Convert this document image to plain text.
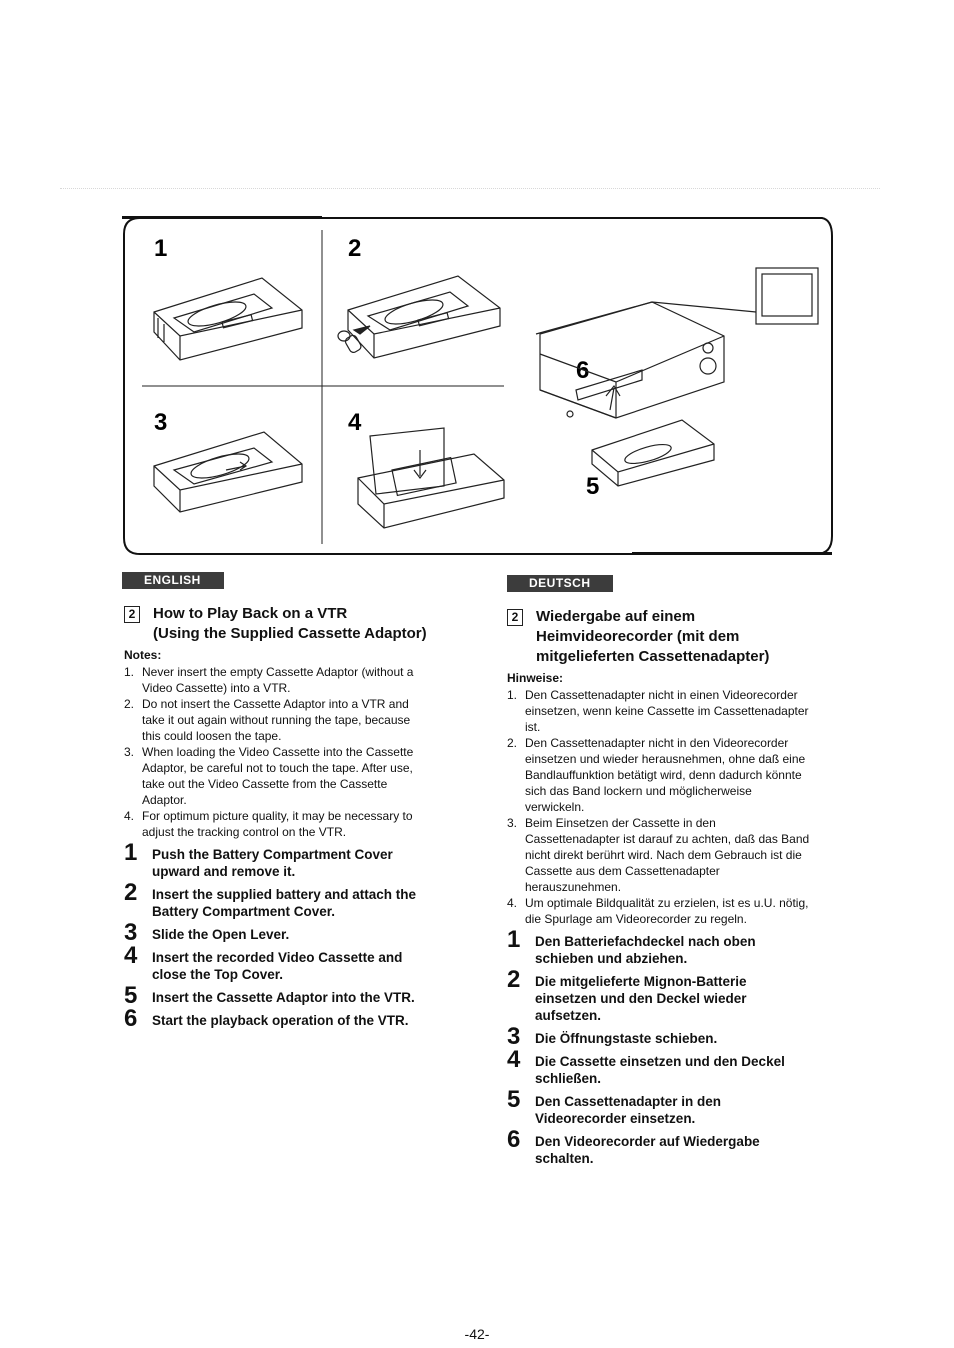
1	2
3	4
5
6
ENGLISH
2	How to Play Back on a VTR
(Using the Supplied Cassette Adaptor)
Notes:
1. Never insert the empty Cassette Adaptor (without a
Video Cassette) into a VTR.
2. Do not insert the Cassette Adaptor into a VTR and
take it out again without running the tape, because
this could loosen the tape.
3. When loading the Video Cassette into the Cassette
Adaptor, be careful not to touch the tape. After use,
take out the Video Cassette from the Cassette
Adaptor.
4. For optimum picture quality, it may be necessary to
adjust the tracking control on the VTR.
1 Push the Battery Compartment Cover
upward and remove it.
2 Insert the supplied battery and attach the
Battery Compartment Cover.
3 Slide the Open Lever.
4 Insert the recorded Video Cassette and
close the Top Cover.
5 Insert the Cassette Adaptor into the VTR.
6 Start the playback operation of the VTR.
DEUTSCH
2	Wiedergabe auf einem
Heimvideorecorder (mit dem
mitgelieferten Cassettenadapter)
Hinweise:
1. Den Cassettenadapter nicht in einen Videorecorder
einsetzen, wenn keine Cassette im Cassettenadapter
ist.
2. Den Cassettenadapter nicht in den Videorecorder
einsetzen und wieder herausnehmen, ohne daß eine
Bandlauffunktion betätigt wird, denn dadurch könnte
sich das Band lockern und möglicherweise
verwickeln.
3. Beim Einsetzen der Cassette in den
Cassettenadapter ist darauf zu achten, daß das Band
nicht direkt berührt wird. Nach dem Gebrauch ist die
Cassette aus dem Cassettenadapter
herauszunehmen.
4. Um optimale Bildqualität zu erzielen, ist es u.U. nötig,
die Spurlage am Videorecorder zu regeln.
1 Den Batteriefachdeckel nach oben
schieben und abziehen.
2 Die mitgelieferte Mignon-Batterie
einsetzen und den Deckel wieder
aufsetzen.
3 Die Öffnungstaste schieben.
4 Die Cassette einsetzen und den Deckel
schließen.
5 Den Cassettenadapter in den
Videorecorder einsetzen.
6 Den Videorecorder auf Wiedergabe
schalten.
-42-
